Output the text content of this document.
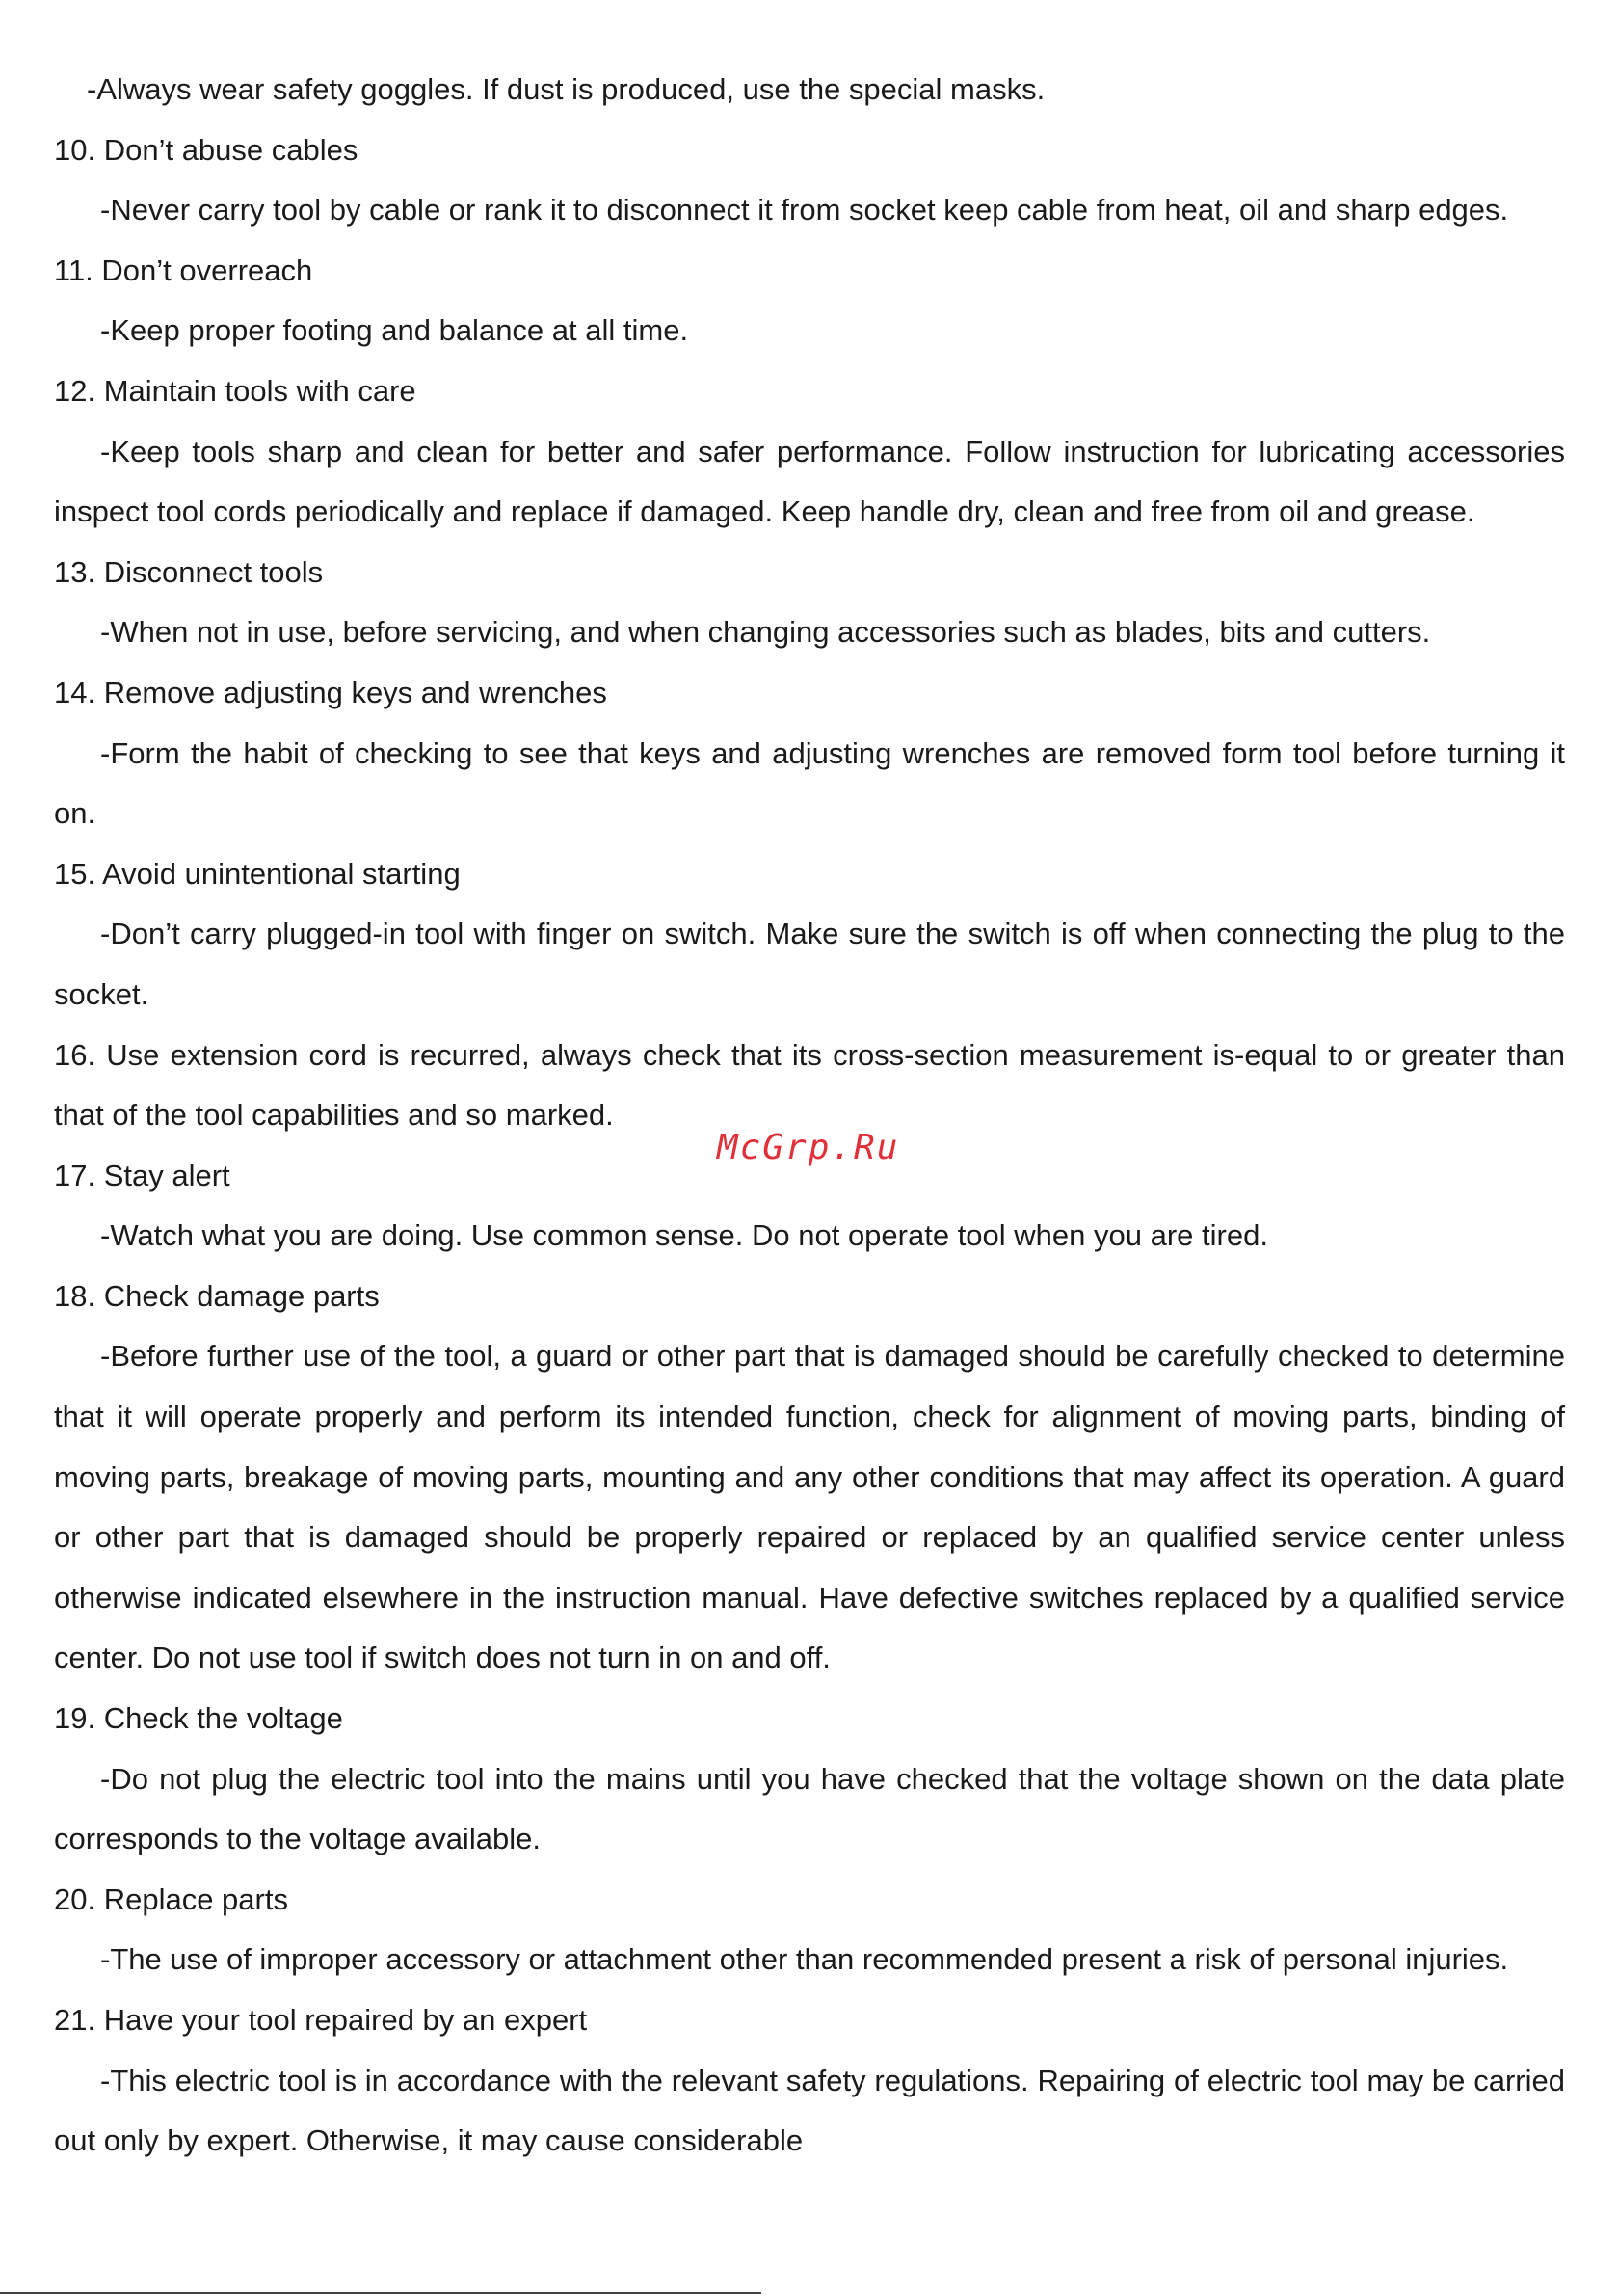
-Always wear safety goggles. If dust is produced, use the special masks.

10. Don’t abuse cables

-Never carry tool by cable or rank it to disconnect it from socket keep cable from heat, oil and sharp edges.

11. Don’t overreach

-Keep proper footing and balance at all time.

12. Maintain tools with care

-Keep tools sharp and clean for better and safer performance. Follow instruction for lubricating accessories inspect tool cords periodically and replace if damaged. Keep handle dry, clean and free from oil and grease.

13. Disconnect tools

-When not in use, before servicing, and when changing accessories such as blades, bits and cutters.

14. Remove adjusting keys and wrenches

-Form the habit of checking to see that keys and adjusting wrenches are removed form tool before turning it on.

15. Avoid unintentional starting

-Don’t carry plugged-in tool with finger on switch. Make sure the switch is off when connecting the plug to the socket.

16. Use extension cord is recurred, always check that its cross-section measurement is-equal to or greater than that of the tool capabilities and so marked.

17. Stay alert

-Watch what you are doing. Use common sense. Do not operate tool when you are tired.

18. Check damage parts

-Before further use of the tool, a guard or other part that is damaged should be carefully checked to determine that it will operate properly and perform its intended function, check for alignment of moving parts, binding of moving parts, breakage of moving parts, mounting and any other conditions that may affect its operation. A guard or other part that is damaged should be properly repaired or replaced by an qualified service center unless otherwise indicated elsewhere in the instruction manual. Have defective switches replaced by a qualified service center. Do not use tool if switch does not turn in on and off.

19. Check the voltage

-Do not plug the electric tool into the mains until you have checked that the voltage shown on the data plate corresponds to the voltage available.

20. Replace parts

-The use of improper accessory or attachment other than recommended present a risk of personal injuries.

21. Have your tool repaired by an expert

-This electric tool is in accordance with the relevant safety regulations. Repairing of electric tool may be carried out only by expert. Otherwise, it may cause considerable

McGrp.Ru
